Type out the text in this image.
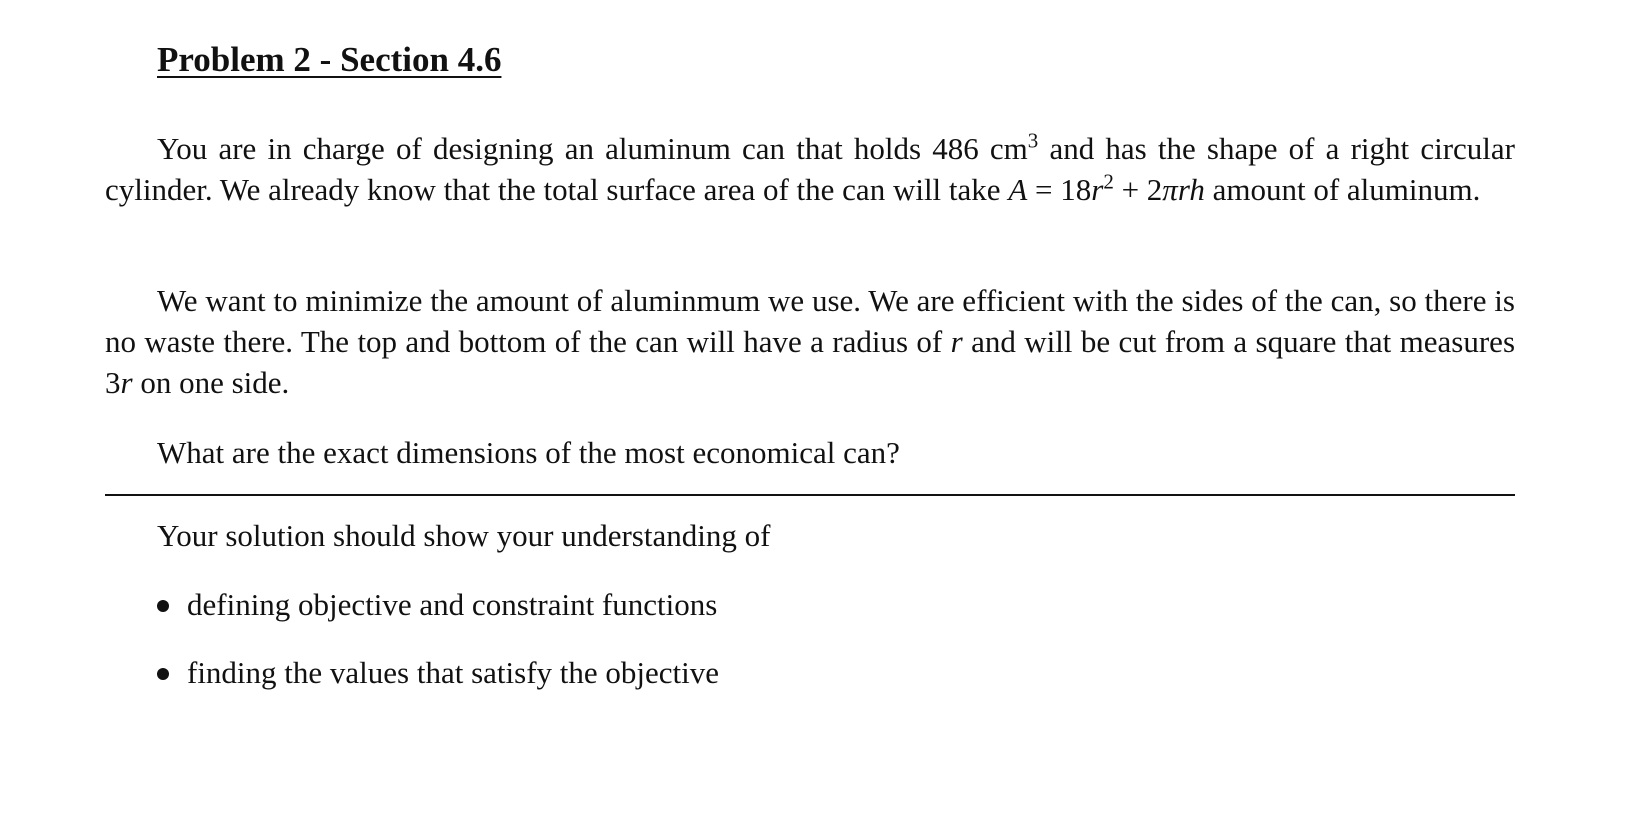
Problem 2 - Section 4.6

You are in charge of designing an aluminum can that holds 486 $cm^3$ and has the shape of a right circular cylinder. We already know that the total surface area of the can will take $A = 18r^2 + 2\pi rh$ amount of aluminum.

We want to minimize the amount of aluminmum we use. We are efficient with the sides of the can, so there is no waste there. The top and bottom of the can will have a radius of r and will be cut from a square that measures 3r on one side.

What are the exact dimensions of the most economical can?

Your solution should show your understanding of

defining objective and constraint functions
finding the values that satisfy the objective
